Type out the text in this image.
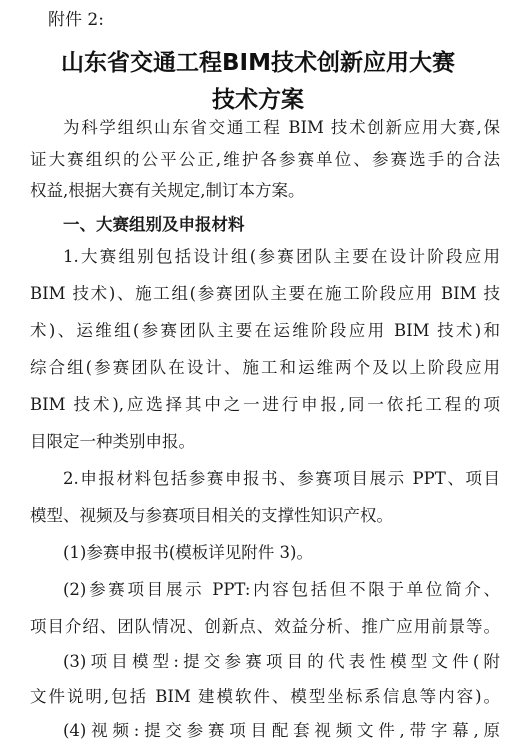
附件 2:
山东省交通工程BIM技术创新应用大赛
技术方案
为科学组织山东省交通工程 BIM 技术创新应用大赛,保
证大赛组织的公平公正,维护各参赛单位、参赛选手的合法
权益,根据大赛有关规定,制订本方案。
一、大赛组别及申报材料
1.大赛组别包括设计组(参赛团队主要在设计阶段应用
BIM 技术)、施工组(参赛团队主要在施工阶段应用 BIM 技
术)、运维组(参赛团队主要在运维阶段应用 BIM 技术)和
综合组(参赛团队在设计、施工和运维两个及以上阶段应用
BIM 技术),应选择其中之一进行申报,同一依托工程的项
目限定一种类别申报。
2.申报材料包括参赛申报书、参赛项目展示 PPT、项目
模型、视频及与参赛项目相关的支撑性知识产权。
(1)参赛申报书(模板详见附件 3)。
(2)参赛项目展示 PPT:内容包括但不限于单位简介、
项目介绍、团队情况、创新点、效益分析、推广应用前景等。
(3)项目模型:提交参赛项目的代表性模型文件(附
文件说明,包括 BIM 建模软件、模型坐标系信息等内容)。
(4)视频:提交参赛项目配套视频文件,带字幕,原
